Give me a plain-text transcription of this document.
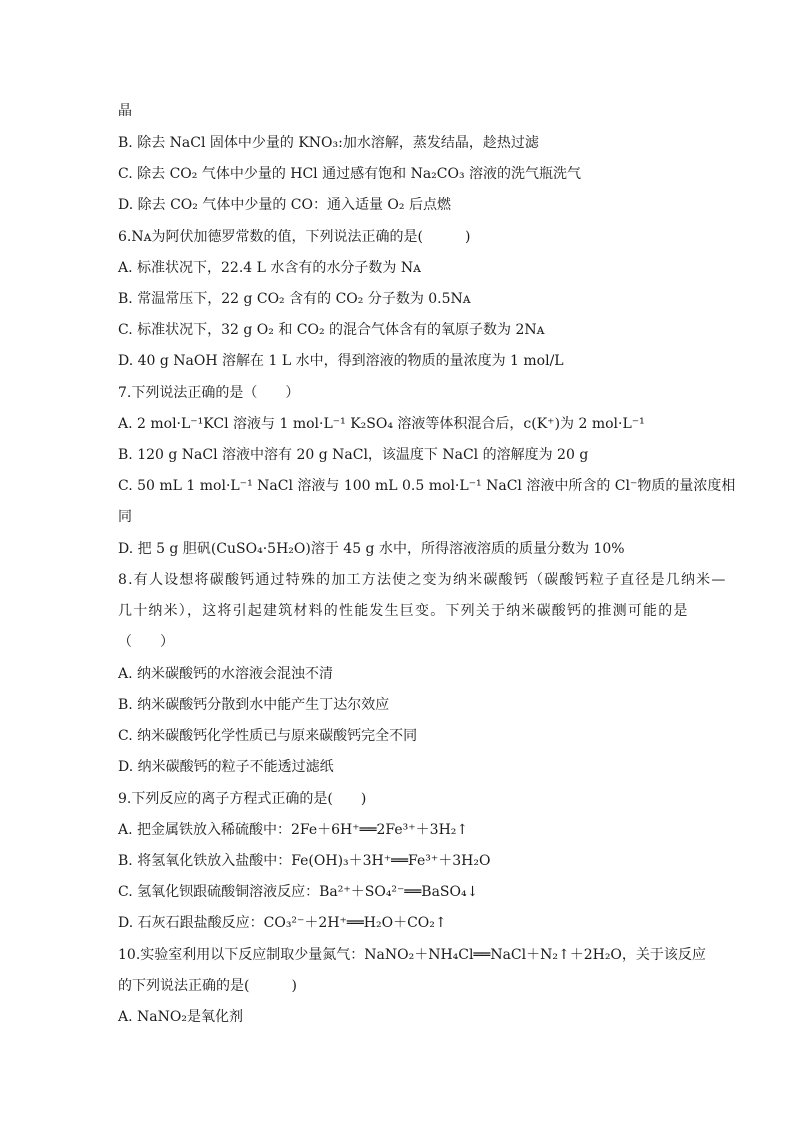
晶
B. 除去 NaCl 固体中少量的 KNO₃:加水溶解，蒸发结晶，趁热过滤
C. 除去 CO₂ 气体中少量的 HCl 通过感有饱和 Na₂CO₃ 溶液的洗气瓶洗气
D. 除去 CO₂ 气体中少量的 CO：通入适量 O₂ 后点燃
6.Nᴀ为阿伏加德罗常数的值，下列说法正确的是(　　　)
A. 标准状况下，22.4 L 水含有的水分子数为 Nᴀ
B. 常温常压下，22 g CO₂ 含有的 CO₂ 分子数为 0.5Nᴀ
C. 标准状况下，32 g O₂ 和 CO₂ 的混合气体含有的氧原子数为 2Nᴀ
D. 40 g NaOH 溶解在 1 L 水中，得到溶液的物质的量浓度为 1 mol/L
7.下列说法正确的是（　　）
A. 2 mol·L⁻¹KCl 溶液与 1 mol·L⁻¹ K₂SO₄ 溶液等体积混合后，c(K⁺)为 2 mol·L⁻¹
B. 120 g NaCl 溶液中溶有 20 g NaCl，该温度下 NaCl 的溶解度为 20 g
C. 50 mL 1 mol·L⁻¹ NaCl 溶液与 100 mL 0.5 mol·L⁻¹ NaCl 溶液中所含的 Cl⁻物质的量浓度相
同
D. 把 5 g 胆矾(CuSO₄·5H₂O)溶于 45 g 水中，所得溶液溶质的质量分数为 10%
8.有人设想将碳酸钙通过特殊的加工方法使之变为纳米碳酸钙（碳酸钙粒子直径是几纳米—
几十纳米），这将引起建筑材料的性能发生巨变。下列关于纳米碳酸钙的推测可能的是
（　　）
A. 纳米碳酸钙的水溶液会混浊不清
B. 纳米碳酸钙分散到水中能产生丁达尔效应
C. 纳米碳酸钙化学性质已与原来碳酸钙完全不同
D. 纳米碳酸钙的粒子不能透过滤纸
9.下列反应的离子方程式正确的是(　　)
A. 把金属铁放入稀硫酸中：2Fe＋6H⁺══2Fe³⁺＋3H₂↑
B. 将氢氧化铁放入盐酸中：Fe(OH)₃＋3H⁺══Fe³⁺＋3H₂O
C. 氢氧化钡跟硫酸铜溶液反应：Ba²⁺＋SO₄²⁻══BaSO₄↓
D. 石灰石跟盐酸反应：CO₃²⁻＋2H⁺══H₂O＋CO₂↑
10.实验室利用以下反应制取少量氮气：NaNO₂＋NH₄Cl══NaCl＋N₂↑＋2H₂O，关于该反应
的下列说法正确的是(　　　)
A. NaNO₂是氧化剂
